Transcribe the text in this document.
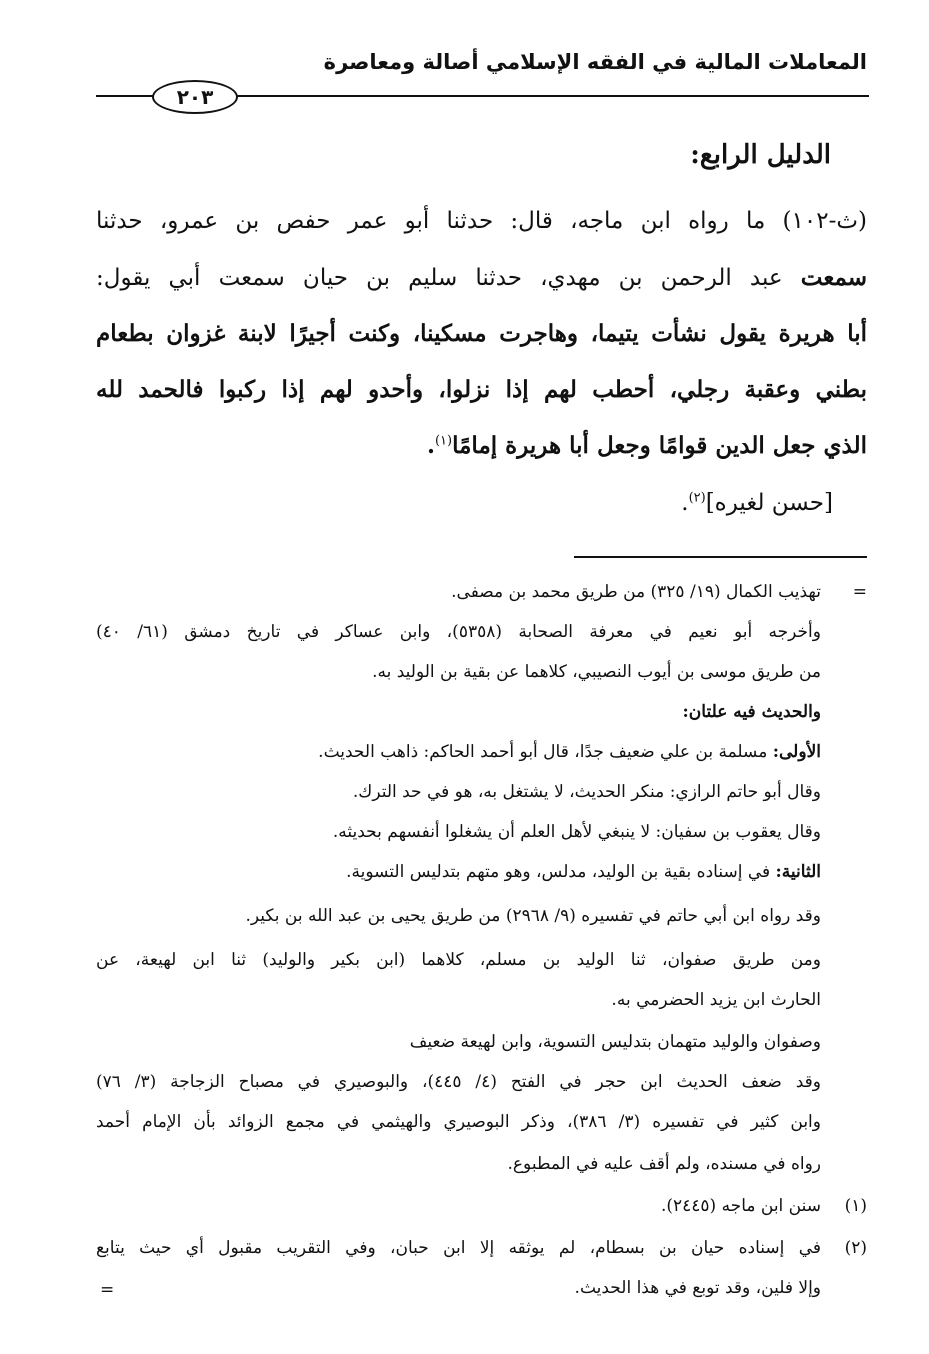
المعاملات المالية في الفقه الإسلامي أصالة ومعاصرة
٢٠٣
الدليل الرابع:
(ث-١٠٢) ما رواه ابن ماجه، قال: حدثنا أبو عمر حفص بن عمرو، حدثنا
سمعت عبد الرحمن بن مهدي، حدثنا سليم بن حيان سمعت أبي يقول:
أبا هريرة يقول نشأت يتيما، وهاجرت مسكينا، وكنت أجيرًا لابنة غزوان بطعام
بطني وعقبة رجلي، أحطب لهم إذا نزلوا، وأحدو لهم إذا ركبوا فالحمد لله
الذي جعل الدين قوامًا وجعل أبا هريرة إمامًا$^{(١)}$.
[حسن لغيره]$^{(٢)}$.
=
تهذيب الكمال (١٩/ ٣٢٥) من طريق محمد بن مصفى.
وأخرجه أبو نعيم في معرفة الصحابة (٥٣٥٨)، وابن عساكر في تاريخ دمشق (٦١/ ٤٠)
من طريق موسى بن أيوب النصيبي، كلاهما عن بقية بن الوليد به.
والحديث فيه علتان:
الأولى: مسلمة بن علي ضعيف جدًا، قال أبو أحمد الحاكم: ذاهب الحديث.
وقال أبو حاتم الرازي: منكر الحديث، لا يشتغل به، هو في حد الترك.
وقال يعقوب بن سفيان: لا ينبغي لأهل العلم أن يشغلوا أنفسهم بحديثه.
الثانية: في إسناده بقية بن الوليد، مدلس، وهو متهم بتدليس التسوية.
وقد رواه ابن أبي حاتم في تفسيره (٩/ ٢٩٦٨) من طريق يحيى بن عبد الله بن بكير.
ومن طريق صفوان، ثنا الوليد بن مسلم، كلاهما (ابن بكير والوليد) ثنا ابن لهيعة، عن
الحارث ابن يزيد الحضرمي به.
وصفوان والوليد متهمان بتدليس التسوية، وابن لهيعة ضعيف
وقد ضعف الحديث ابن حجر في الفتح (٤/ ٤٤٥)، والبوصيري في مصباح الزجاجة (٣/ ٧٦)
وابن كثير في تفسيره (٣/ ٣٨٦)، وذكر البوصيري والهيثمي في مجمع الزوائد بأن الإمام أحمد
رواه في مسنده، ولم أقف عليه في المطبوع.
(١)
سنن ابن ماجه (٢٤٤٥).
(٢)
في إسناده حيان بن بسطام، لم يوثقه إلا ابن حبان، وفي التقريب مقبول أي حيث يتابع
وإلا فلين، وقد توبع في هذا الحديث.
=
